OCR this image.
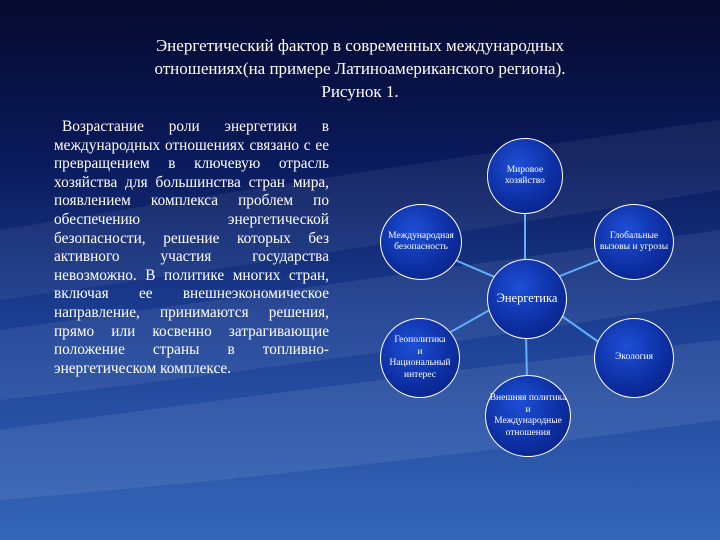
Энергетический фактор в современных международных
отношениях(на примере Латиноамериканского региона).
Рисунок 1.
Возрастание роли энергетики в международных отношениях связано с ее превращением в ключевую отрасль хозяйства для большинства стран мира, появлением комплекса проблем по обеспечению энергетической безопасности, решение которых без активного участия государства невозможно. В политике многих стран, включая ее внешнеэкономическое направление, принимаются решения, прямо или косвенно затрагивающие положение страны в топливно-энергетическом комплексе.
Мировое
хозяйство
Международная
безопасность
Глобальные
вызовы и угрозы
Энергетика
Геополитика
и
Национальный
интерес
Экология
Внешняя политика и
Международные
отношения
